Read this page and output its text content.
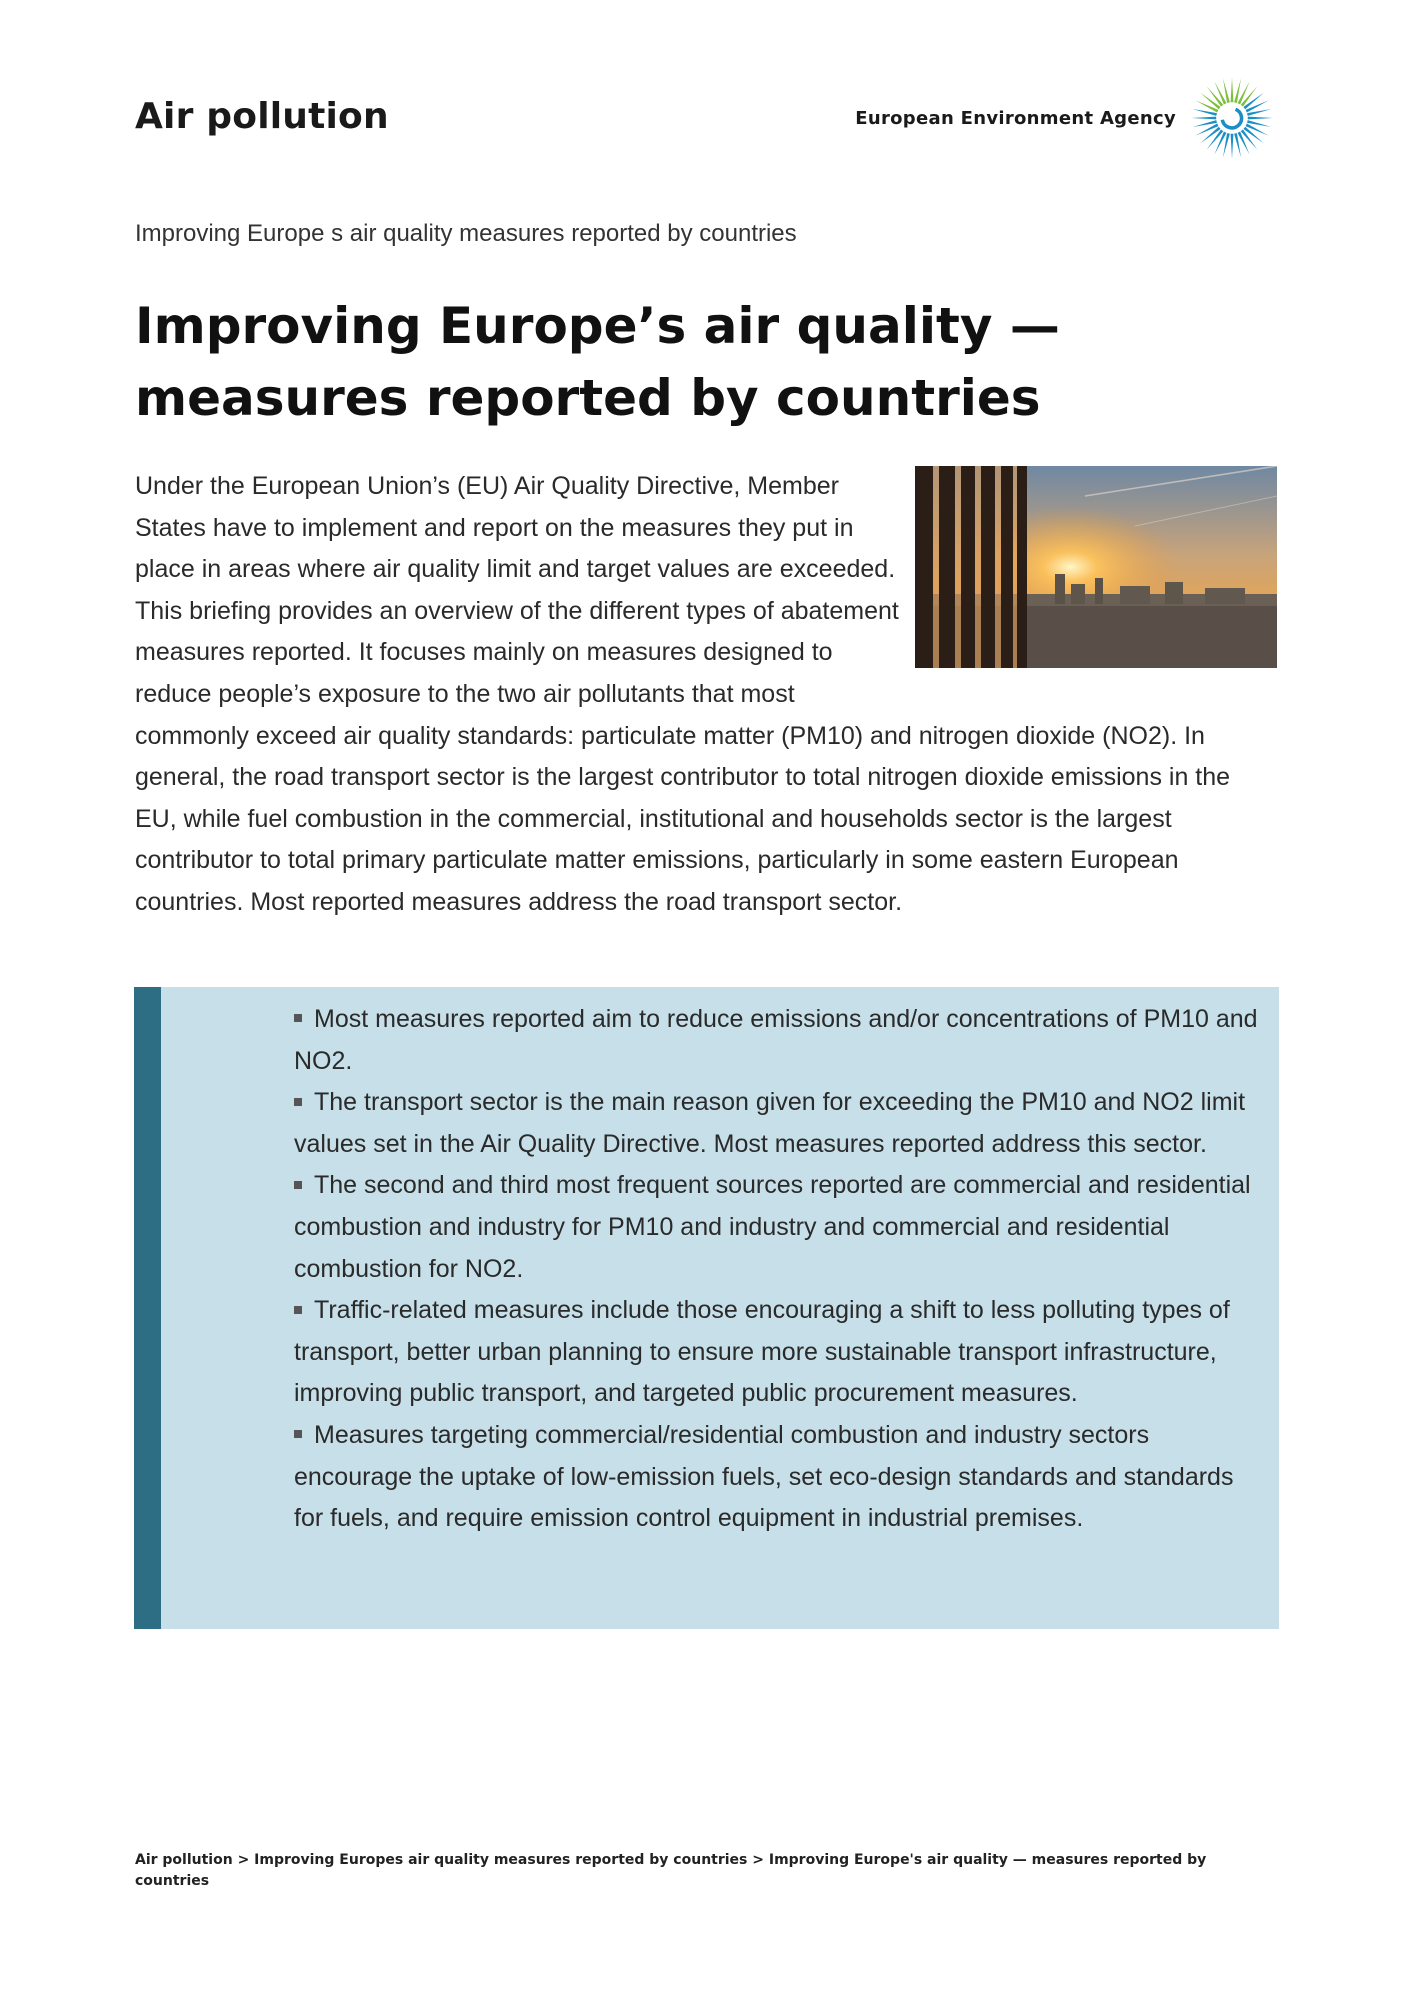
Air pollution	European Environment Agency
Improving Europe s air quality measures reported by countries
Improving Europe’s air quality — measures reported by countries
Under the European Union’s (EU) Air Quality Directive, Member States have to implement and report on the measures they put in place in areas where air quality limit and target values are exceeded. This briefing provides an overview of the different types of abatement measures reported. It focuses mainly on measures designed to reduce people’s exposure to the two air pollutants that most commonly exceed air quality standards: particulate matter (PM10) and nitrogen dioxide (NO2). In general, the road transport sector is the largest contributor to total nitrogen dioxide emissions in the EU, while fuel combustion in the commercial, institutional and households sector is the largest contributor to total primary particulate matter emissions, particularly in some eastern European countries. Most reported measures address the road transport sector.
Most measures reported aim to reduce emissions and/or concentrations of PM10 and NO2.
The transport sector is the main reason given for exceeding the PM10 and NO2 limit values set in the Air Quality Directive. Most measures reported address this sector.
The second and third most frequent sources reported are commercial and residential combustion and industry for PM10 and industry and commercial and residential combustion for NO2.
Traffic-related measures include those encouraging a shift to less polluting types of transport, better urban planning to ensure more sustainable transport infrastructure, improving public transport, and targeted public procurement measures.
Measures targeting commercial/residential combustion and industry sectors encourage the uptake of low-emission fuels, set eco-design standards and standards for fuels, and require emission control equipment in industrial premises.
Air pollution > Improving Europes air quality measures reported by countries > Improving Europe's air quality — measures reported by countries
